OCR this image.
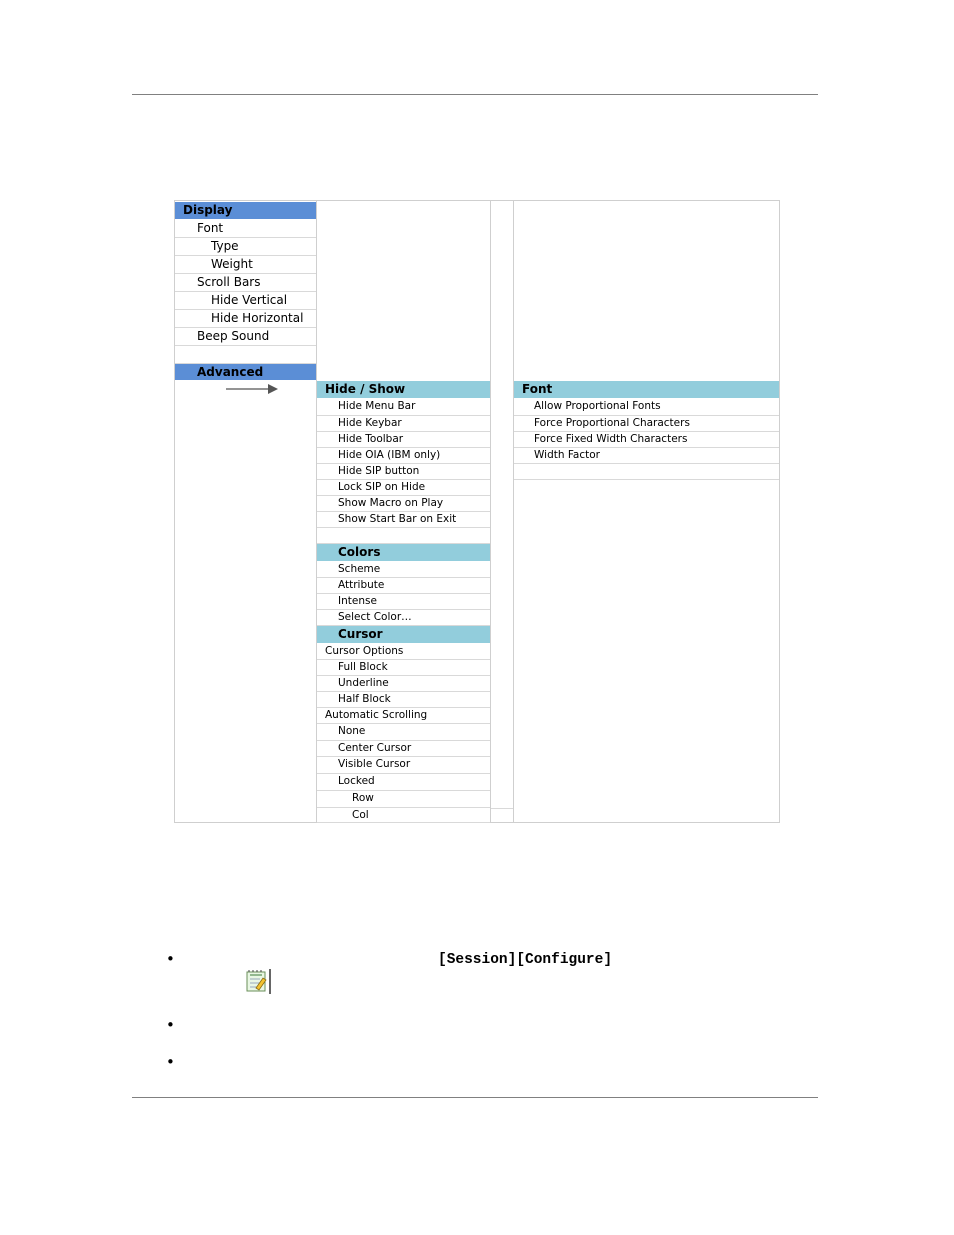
Display
Font
Type
Weight
Scroll Bars
Hide Vertical
Hide Horizontal
Beep Sound
Advanced
Hide / Show
Hide Menu Bar
Hide Keybar
Hide Toolbar
Hide OIA (IBM only)
Hide SIP button
Lock SIP on Hide
Show Macro on Play
Show Start Bar on Exit
Colors
Scheme
Attribute
Intense
Select Color…
Cursor
Cursor Options
Full Block
Underline
Half Block
Automatic Scrolling
None
Center Cursor
Visible Cursor
Locked
Row
Col
Font
Allow Proportional Fonts
Force Proportional Characters
Force Fixed Width Characters
Width Factor
•	[Session][Configure]
•
•
